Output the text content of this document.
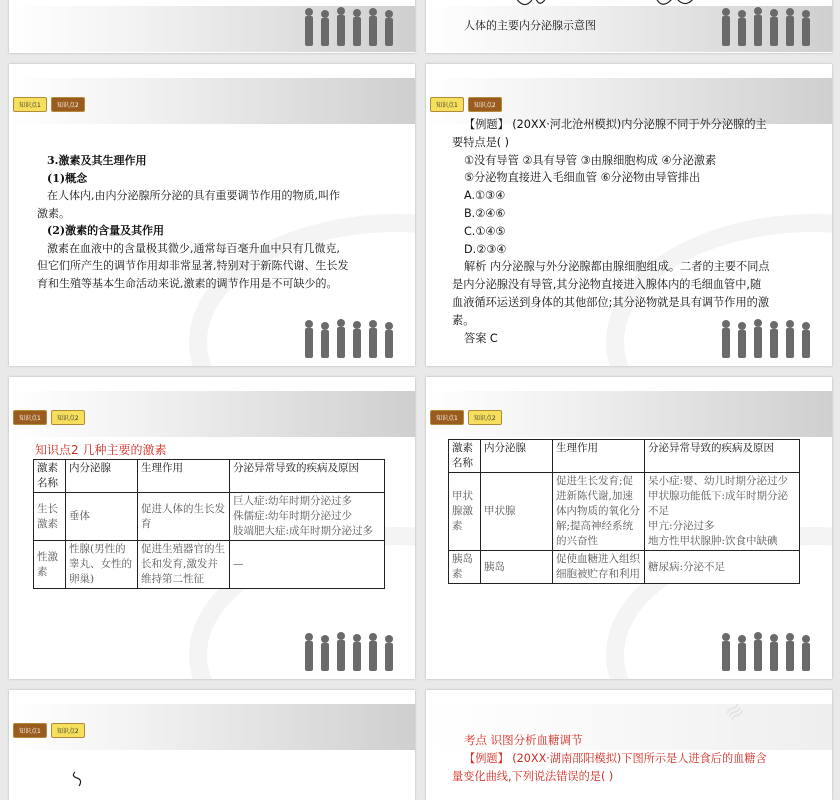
人体的主要内分泌腺示意图
知识点1	知识点2
3.激素及其生理作用
(1)概念
在人体内,由内分泌腺所分泌的具有重要调节作用的物质,叫作
激素。
(2)激素的含量及其作用
激素在血液中的含量极其微少,通常每百毫升血中只有几微克,
但它们所产生的调节作用却非常显著,特别对于新陈代谢、生长发
育和生殖等基本生命活动来说,激素的调节作用是不可缺少的。
知识点1	知识点2
【例题】 (20XX·河北沧州模拟)内分泌腺不同于外分泌腺的主
要特点是( )
①没有导管 ②具有导管 ③由腺细胞构成 ④分泌激素
⑤分泌物直接进入毛细血管 ⑥分泌物由导管排出
A.①③④
B.②④⑥
C.①④⑤
D.②③④
解析 内分泌腺与外分泌腺都由腺细胞组成。二者的主要不同点
是内分泌腺没有导管,其分泌物直接进入腺体内的毛细血管中,随
血液循环运送到身体的其他部位;其分泌物就是具有调节作用的激
素。
答案 C
知识点1	知识点2
知识点2 几种主要的激素
激素名称	内分泌腺	生理作用	分泌异常导致的疾病及原因
生长激素	垂体	促进人体的生长发育	巨人症:幼年时期分泌过多
侏儒症:幼年时期分泌过少
肢端肥大症:成年时期分泌过多
性激素	性腺(男性的睾丸、女性的卵巢)	促进生殖器官的生长和发育,激发并维持第二性征	—
知识点1	知识点2
激素名称	内分泌腺	生理作用	分泌异常导致的疾病及原因
甲状腺激素	甲状腺	促进生长发育;促进新陈代谢,加速体内物质的氧化分解;提高神经系统的兴奋性	呆小症:婴、幼儿时期分泌过少
甲状腺功能低下:成年时期分泌不足
甲亢:分泌过多
地方性甲状腺肿:饮食中缺碘
胰岛素	胰岛	促使血糖进入组织细胞被贮存和利用	糖尿病:分泌不足
知识点1	知识点2
≋
考点 识图分析血糖调节
【例题】 (20XX·湖南邵阳模拟)下图所示是人进食后的血糖含
量变化曲线,下列说法错误的是( )
